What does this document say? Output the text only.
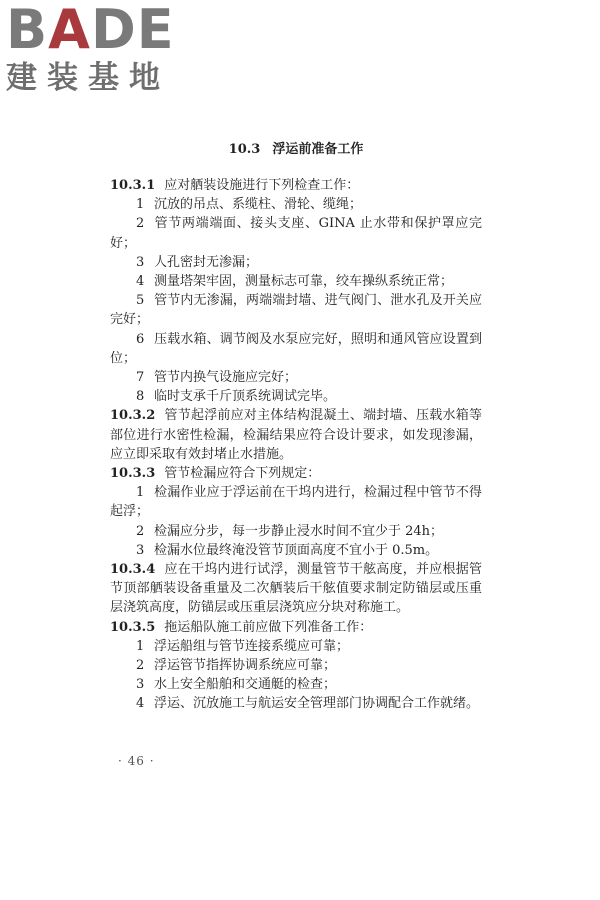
BADE
建装基地
10.3 浮运前准备工作

10.3.1 应对舾装设施进行下列检查工作：

1 沉放的吊点、系缆柱、滑轮、缆绳；

2 管节两端端面、接头支座、GINA 止水带和保护罩应完好；

3 人孔密封无渗漏；

4 测量塔架牢固，测量标志可靠，绞车操纵系统正常；

5 管节内无渗漏，两端端封墙、进气阀门、泄水孔及开关应完好；

6 压载水箱、调节阀及水泵应完好，照明和通风管应设置到位；

7 管节内换气设施应完好；

8 临时支承千斤顶系统调试完毕。

10.3.2 管节起浮前应对主体结构混凝土、端封墙、压载水箱等部位进行水密性检漏，检漏结果应符合设计要求，如发现渗漏，应立即采取有效封堵止水措施。

10.3.3 管节检漏应符合下列规定：

1 检漏作业应于浮运前在干坞内进行，检漏过程中管节不得起浮；

2 检漏应分步，每一步静止浸水时间不宜少于 24h；

3 检漏水位最终淹没管节顶面高度不宜小于 0.5m。

10.3.4 应在干坞内进行试浮，测量管节干舷高度，并应根据管节顶部舾装设备重量及二次舾装后干舷值要求制定防锚层或压重层浇筑高度，防锚层或压重层浇筑应分块对称施工。

10.3.5 拖运船队施工前应做下列准备工作：

1 浮运船组与管节连接系缆应可靠；

2 浮运管节指挥协调系统应可靠；

3 水上安全船舶和交通艇的检查；

4 浮运、沉放施工与航运安全管理部门协调配合工作就绪。

· 46 ·
